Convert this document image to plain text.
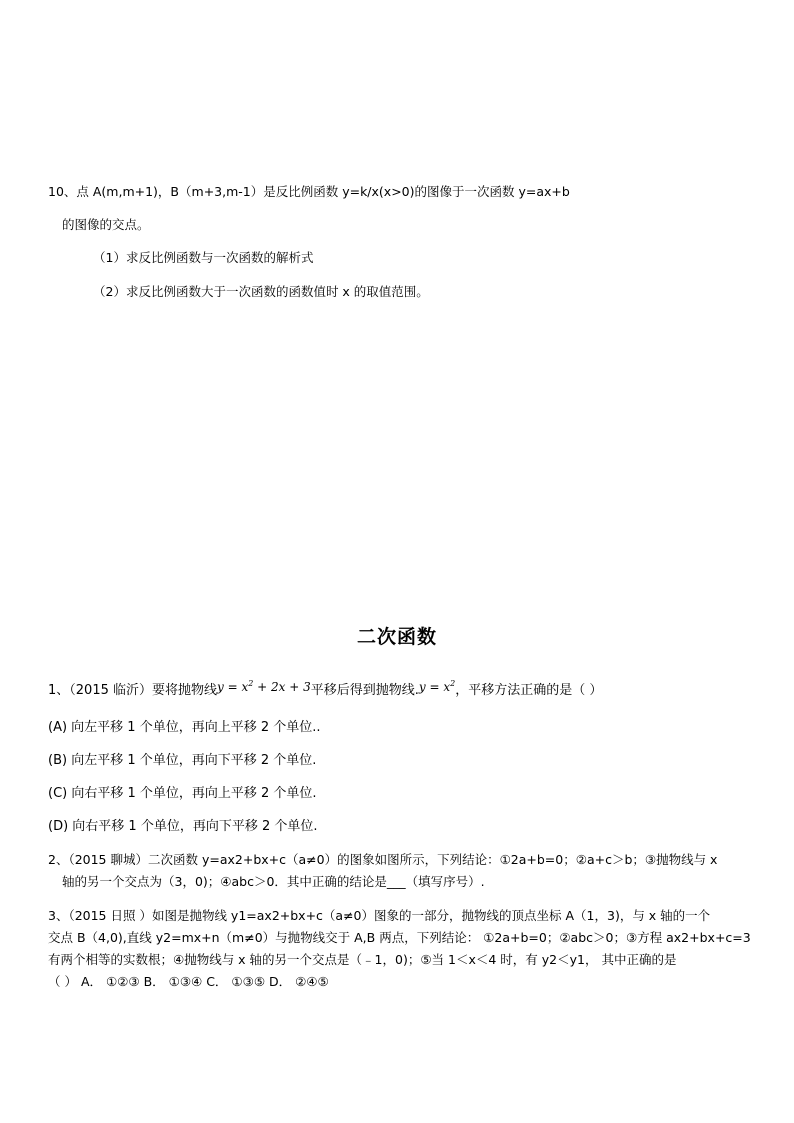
10、点 A(m,m+1)，B（m+3,m-1）是反比例函数 y=k/x(x>0)的图像于一次函数 y=ax+b
的图像的交点。
（1）求反比例函数与一次函数的解析式
（2）求反比例函数大于一次函数的函数值时 x 的取值范围。
二次函数
1、（2015 临沂）要将抛物线$y = x^2 + 2x + 3$平移后得到抛物线$.y = x^2$，平移方法正确的是（ ）
(A) 向左平移 1 个单位，再向上平移 2 个单位..
(B) 向左平移 1 个单位，再向下平移 2 个单位.
(C) 向右平移 1 个单位，再向上平移 2 个单位.
(D) 向右平移 1 个单位，再向下平移 2 个单位.
2、（2015 聊城）二次函数 y=ax2+bx+c（a≠0）的图象如图所示，下列结论：①2a+b=0；②a+c＞b；③抛物线与 x
轴的另一个交点为（3，0)；④abc＞0．其中正确的结论是___（填写序号）.
3、（2015 日照 ）如图是抛物线 y1=ax2+bx+c（a≠0）图象的一部分，抛物线的顶点坐标 A（1，3)，与 x 轴的一个
交点 B（4,0),直线 y2=mx+n（m≠0）与抛物线交于 A,B 两点，下列结论： ①2a+b=0；②abc＞0；③方程 ax2+bx+c=3
有两个相等的实数根；④抛物线与 x 轴的另一个交点是（﹣1，0)；⑤当 1＜x＜4 时，有 y2＜y1， 其中正确的是
（ ） A． ①②③ B． ①③④ C． ①③⑤ D． ②④⑤
